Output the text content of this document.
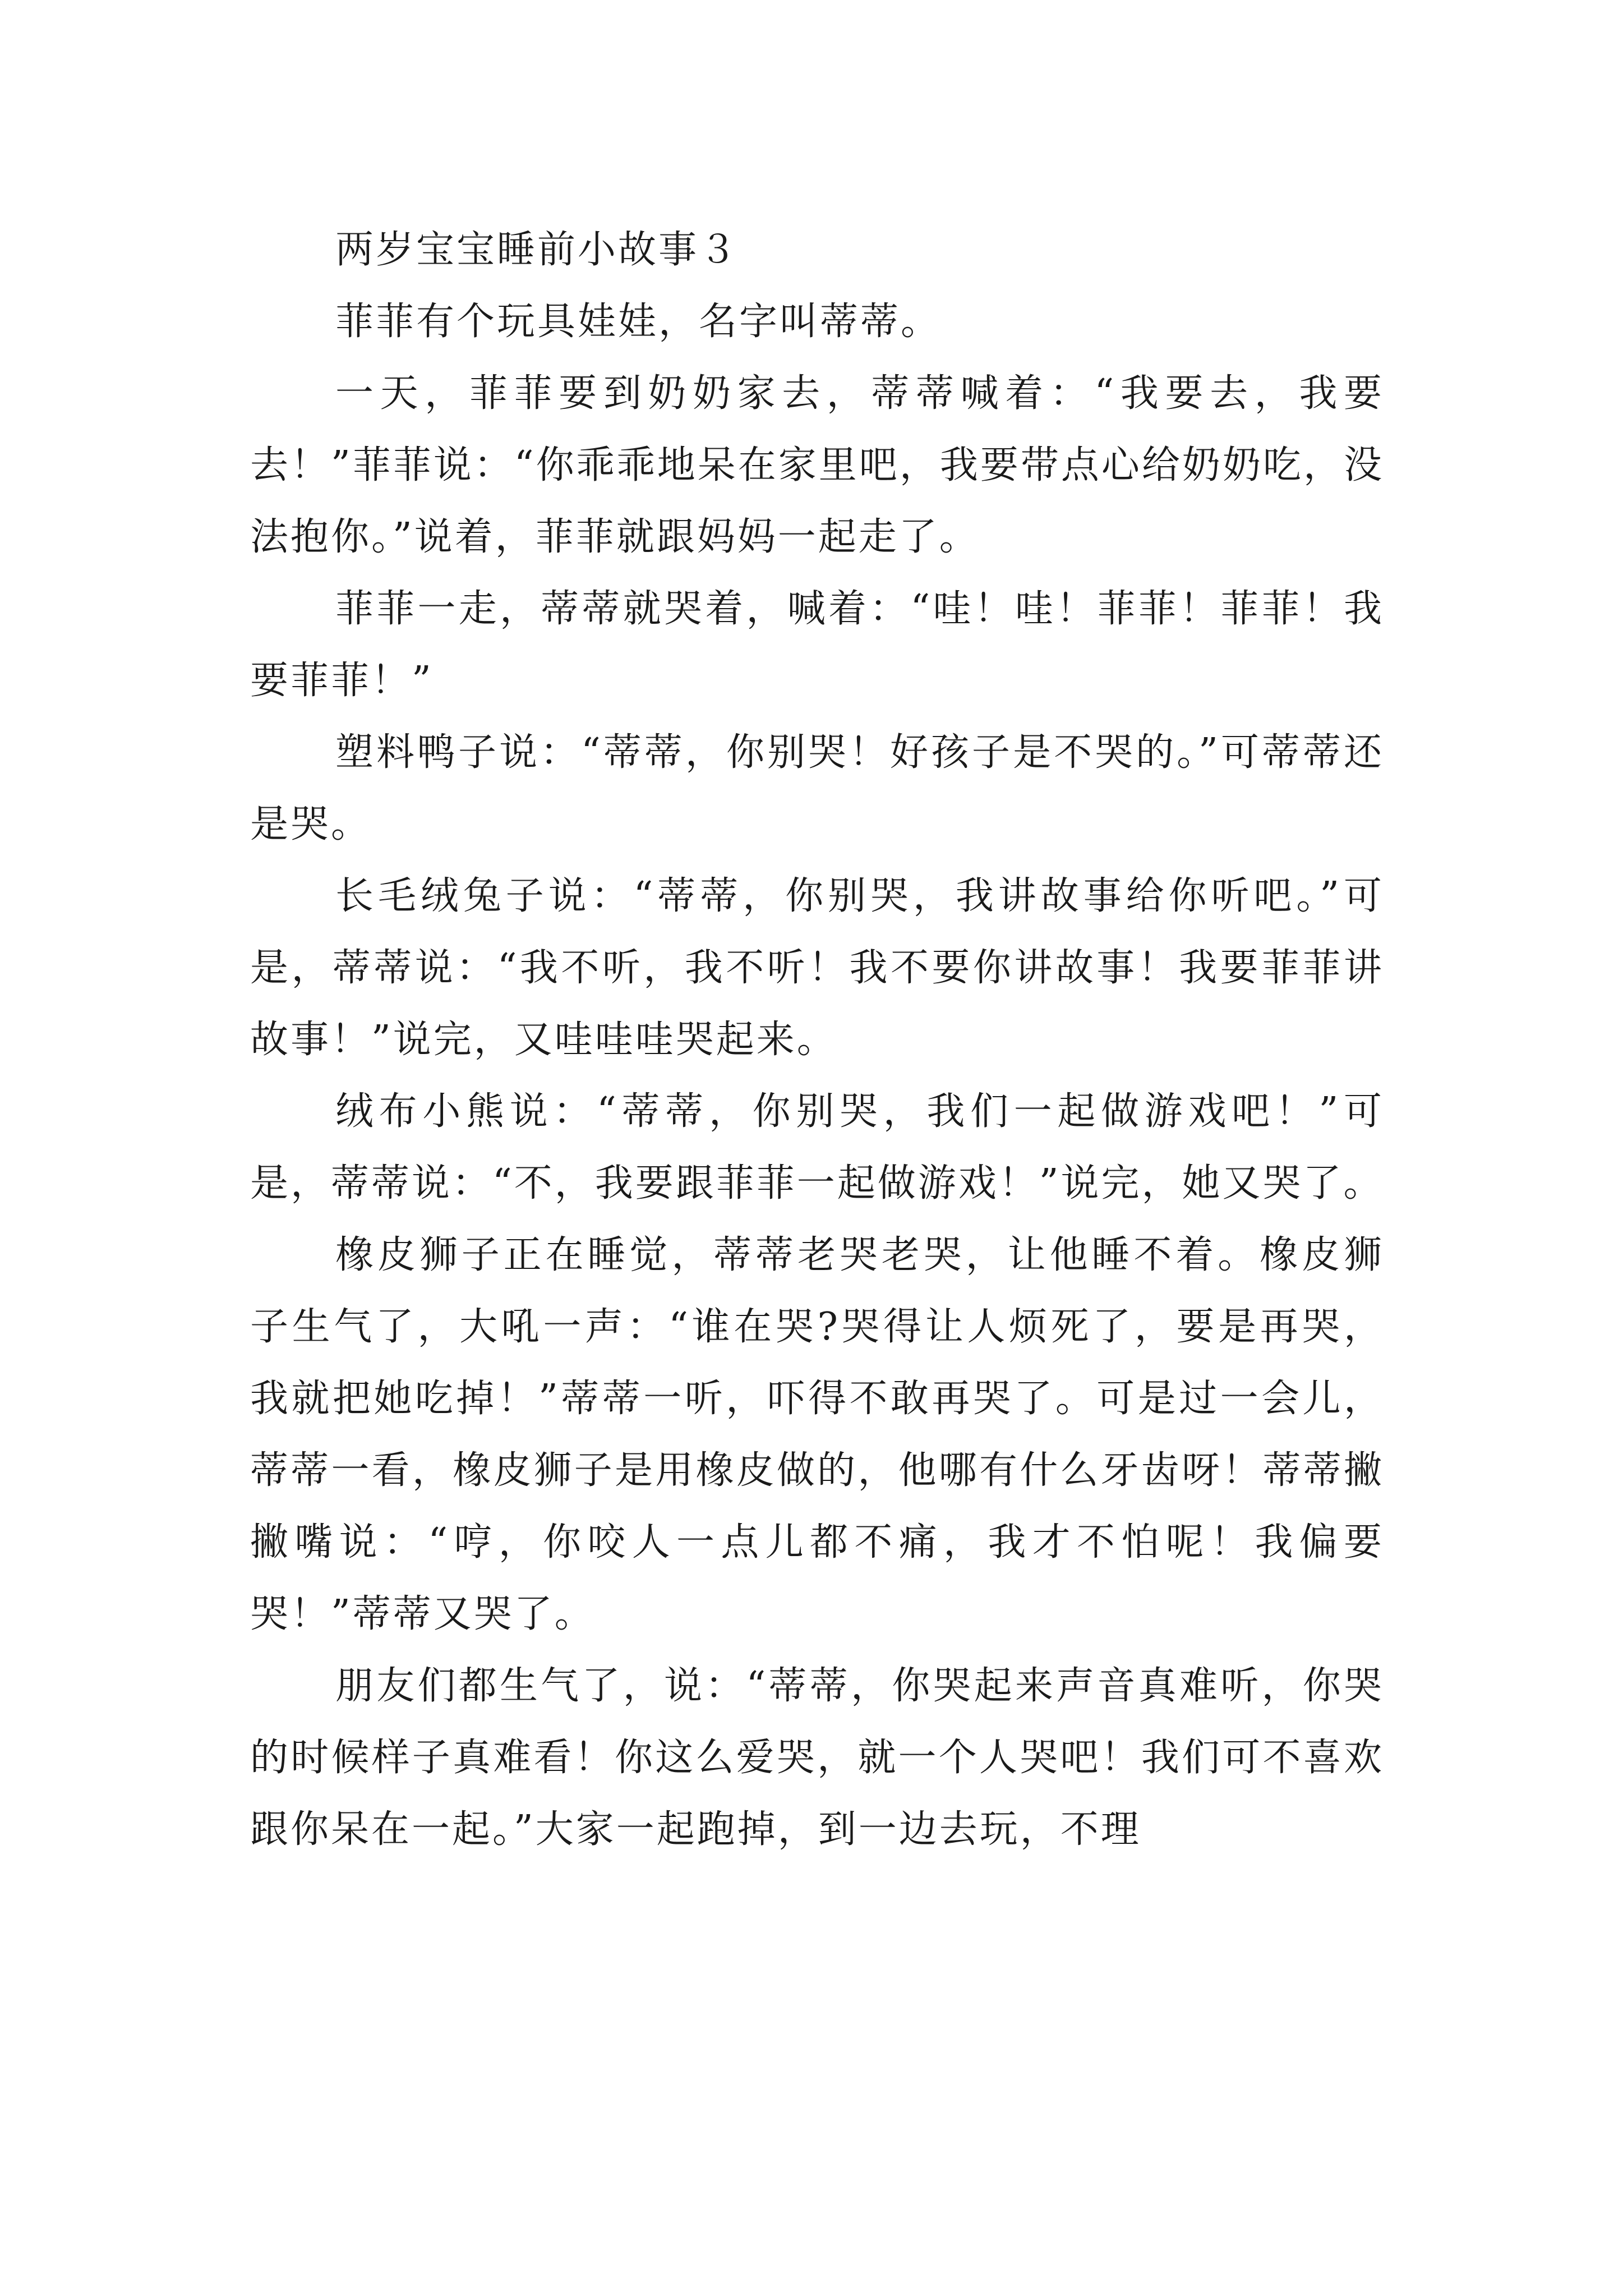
两岁宝宝睡前小故事３

菲菲有个玩具娃娃，名字叫蒂蒂。

一天，菲菲要到奶奶家去，蒂蒂喊着：“我要去，我要去！”菲菲说：“你乖乖地呆在家里吧，我要带点心给奶奶吃，没法抱你。”说着，菲菲就跟妈妈一起走了。

菲菲一走，蒂蒂就哭着，喊着：“哇！哇！菲菲！菲菲！我要菲菲！”

塑料鸭子说：“蒂蒂，你别哭！好孩子是不哭的。”可蒂蒂还是哭。

长毛绒兔子说：“蒂蒂，你别哭，我讲故事给你听吧。”可是，蒂蒂说：“我不听，我不听！我不要你讲故事！我要菲菲讲故事！”说完，又哇哇哇哭起来。

绒布小熊说：“蒂蒂，你别哭，我们一起做游戏吧！”可是，蒂蒂说：“不，我要跟菲菲一起做游戏！”说完，她又哭了。

橡皮狮子正在睡觉，蒂蒂老哭老哭，让他睡不着。橡皮狮子生气了，大吼一声：“谁在哭?哭得让人烦死了，要是再哭，我就把她吃掉！”蒂蒂一听，吓得不敢再哭了。可是过一会儿，蒂蒂一看，橡皮狮子是用橡皮做的，他哪有什么牙齿呀！蒂蒂撇撇嘴说：“哼，你咬人一点儿都不痛，我才不怕呢！我偏要哭！”蒂蒂又哭了。

朋友们都生气了，说：“蒂蒂，你哭起来声音真难听，你哭的时候样子真难看！你这么爱哭，就一个人哭吧！我们可不喜欢跟你呆在一起。”大家一起跑掉，到一边去玩，不理
